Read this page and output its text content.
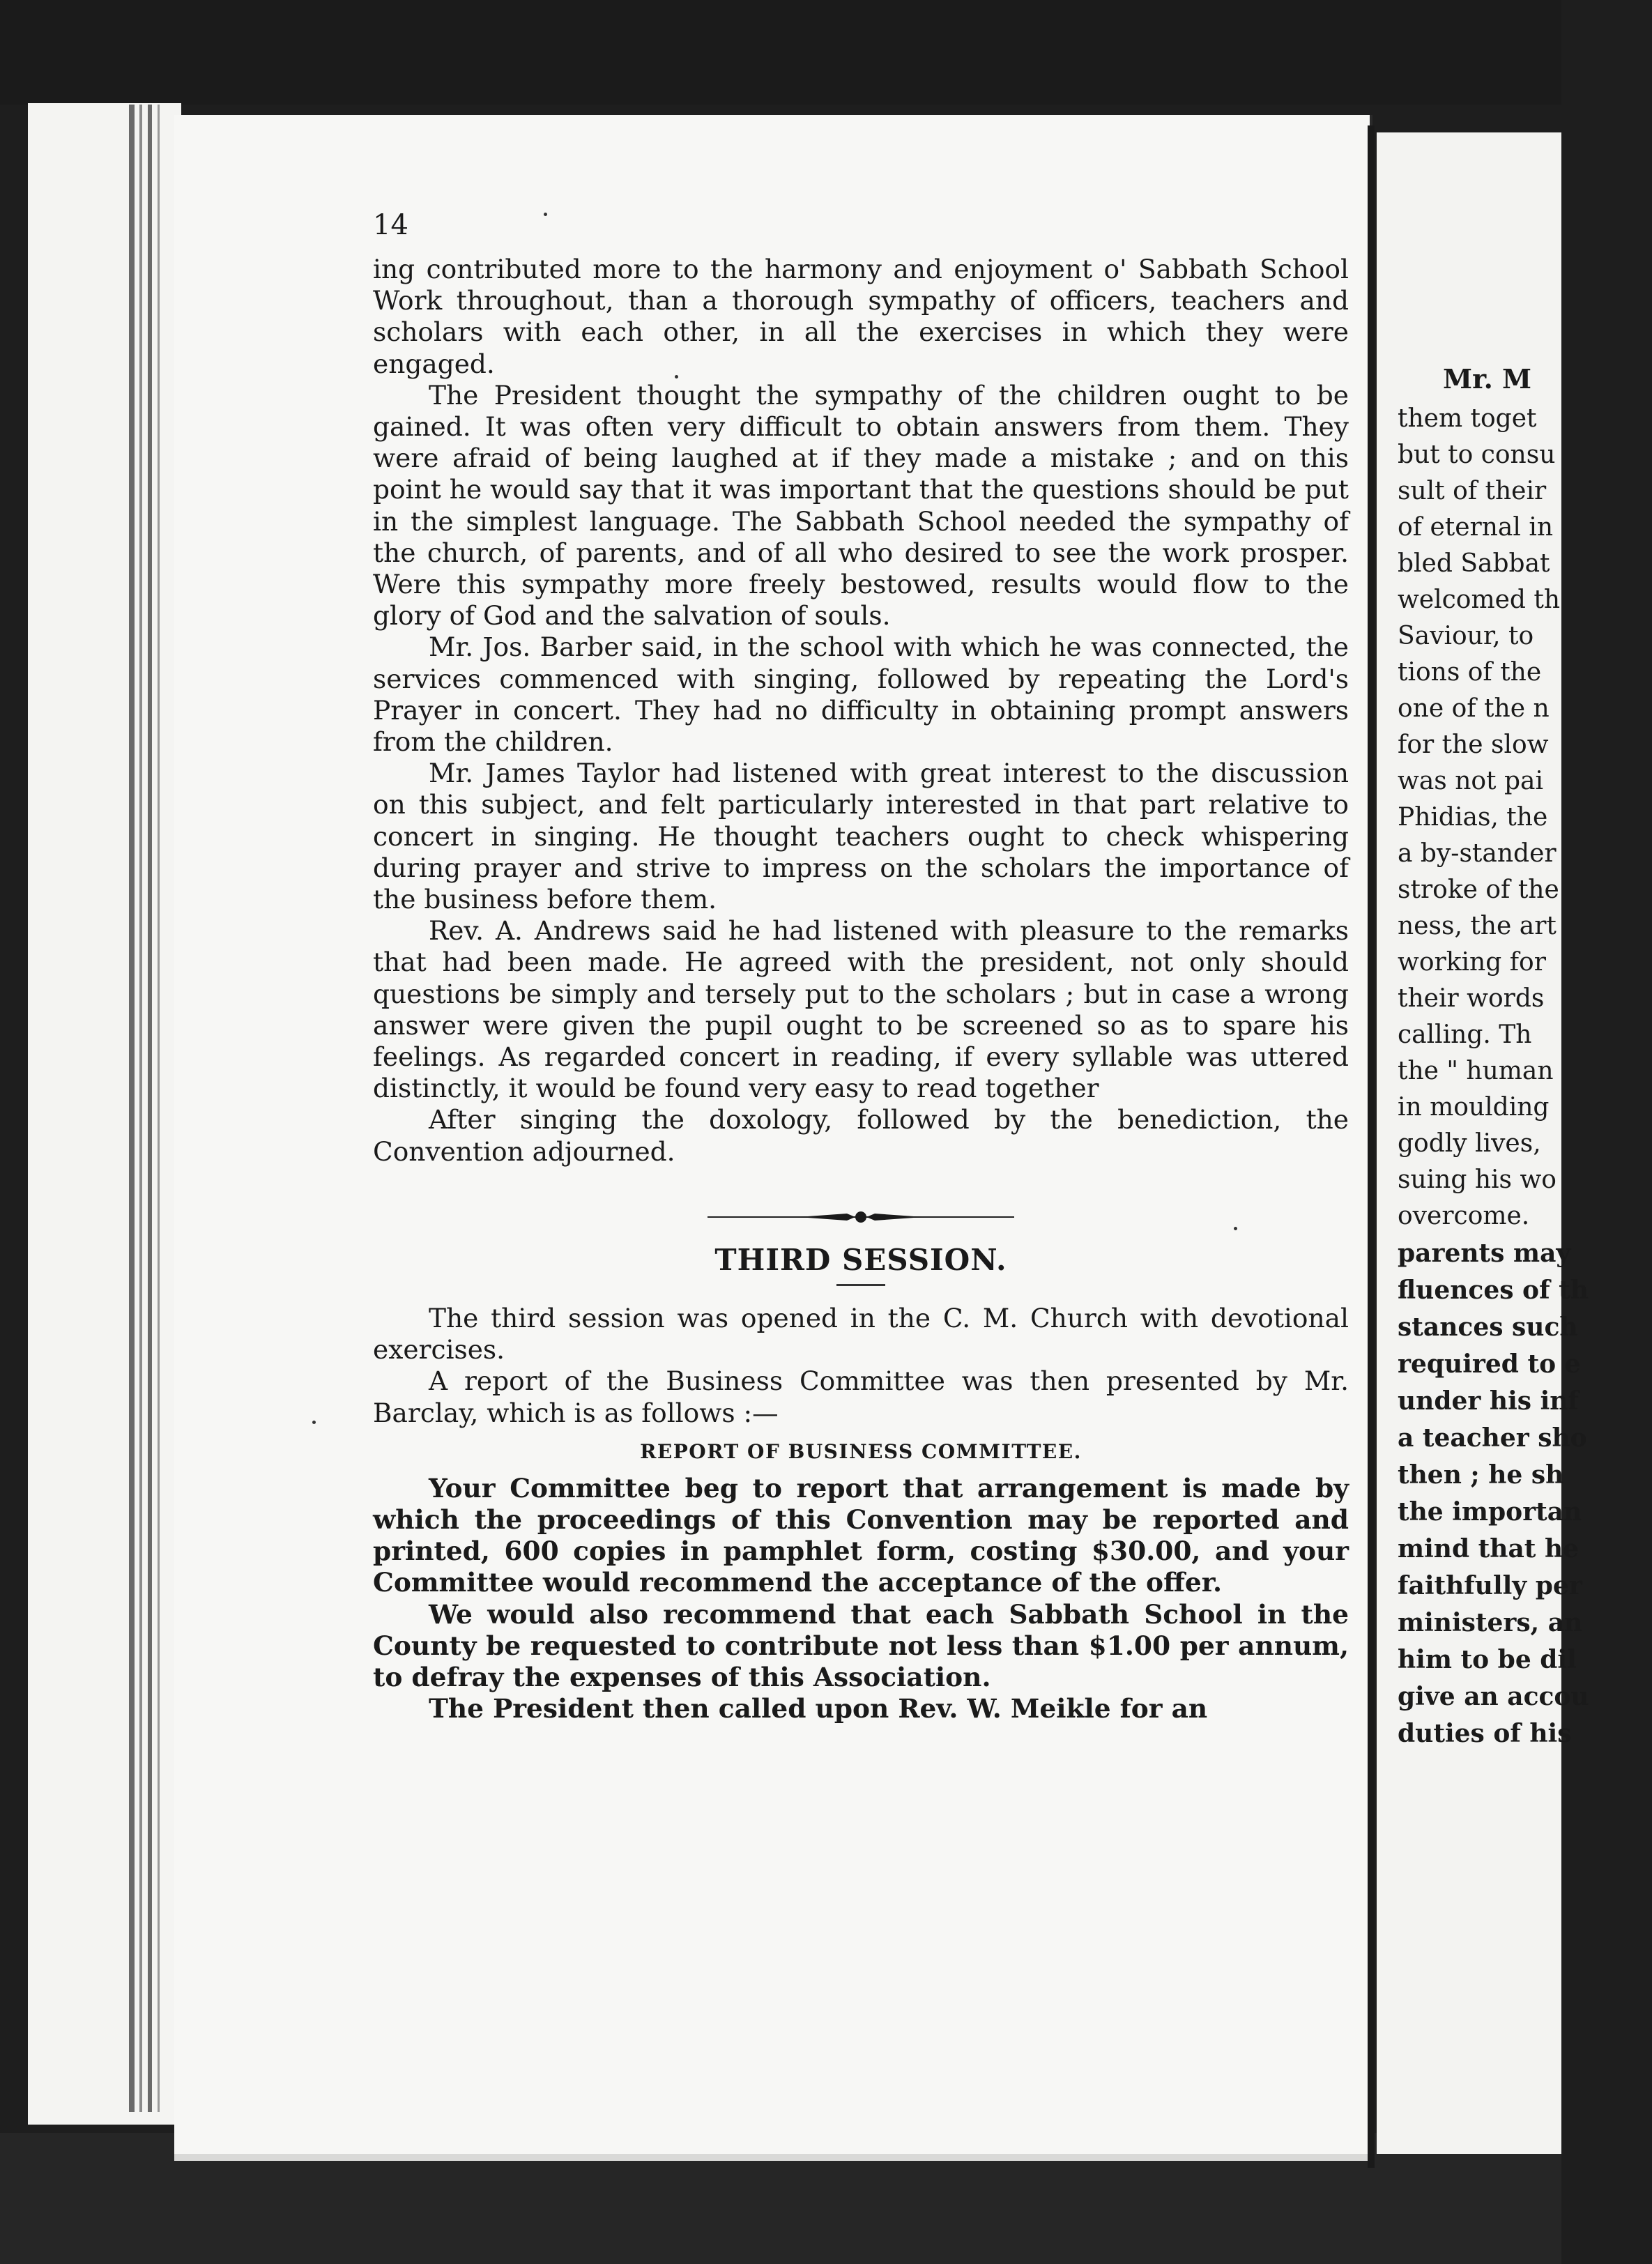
Mr. M
them toget
but to consu
sult of their
of eternal in
bled Sabbat
welcomed th
Saviour, to
tions of the
one of the n
for the slow
was not pai
Phidias, the
a by-stander
stroke of the
ness, the art
working for
their words
calling. Th
the " human
in moulding
godly lives,
suing his wo
overcome.
parents may
fluences of th
stances such
required to e
under his inf
a teacher sho
then ; he sh
the importan
mind that he
faithfully per
ministers, an
him to be dil
give an accou
duties of his
14

ing contributed more to the harmony and enjoyment o' Sabbath School Work throughout, than a thorough sympathy of officers, teachers and scholars with each other, in all the exercises in which they were engaged.

The President thought the sympathy of the children ought to be gained. It was often very difficult to obtain answers from them. They were afraid of being laughed at if they made a mistake ; and on this point he would say that it was important that the questions should be put in the simplest language. The Sabbath School needed the sympathy of the church, of parents, and of all who desired to see the work prosper. Were this sympathy more freely bestowed, results would flow to the glory of God and the salvation of souls.

Mr. Jos. Barber said, in the school with which he was connected, the services commenced with singing, followed by repeating the Lord's Prayer in concert. They had no difficulty in obtaining prompt answers from the children.

Mr. James Taylor had listened with great interest to the discussion on this subject, and felt particularly interested in that part relative to concert in singing. He thought teachers ought to check whispering during prayer and strive to impress on the scholars the importance of the business before them.

Rev. A. Andrews said he had listened with pleasure to the remarks that had been made. He agreed with the president, not only should questions be simply and tersely put to the scholars ; but in case a wrong answer were given the pupil ought to be screened so as to spare his feelings. As regarded concert in reading, if every syllable was uttered distinctly, it would be found very easy to read together

After singing the doxology, followed by the benediction, the Convention adjourned.

THIRD SESSION.

The third session was opened in the C. M. Church with devotional exercises.

A report of the Business Committee was then presented by Mr. Barclay, which is as follows :—

REPORT OF BUSINESS COMMITTEE.

Your Committee beg to report that arrangement is made by which the proceedings of this Convention may be reported and printed, 600 copies in pamphlet form, costing $30.00, and your Committee would recommend the acceptance of the offer.

We would also recommend that each Sabbath School in the County be requested to contribute not less than $1.00 per annum, to defray the expenses of this Association.

The President then called upon Rev. W. Meikle for an
